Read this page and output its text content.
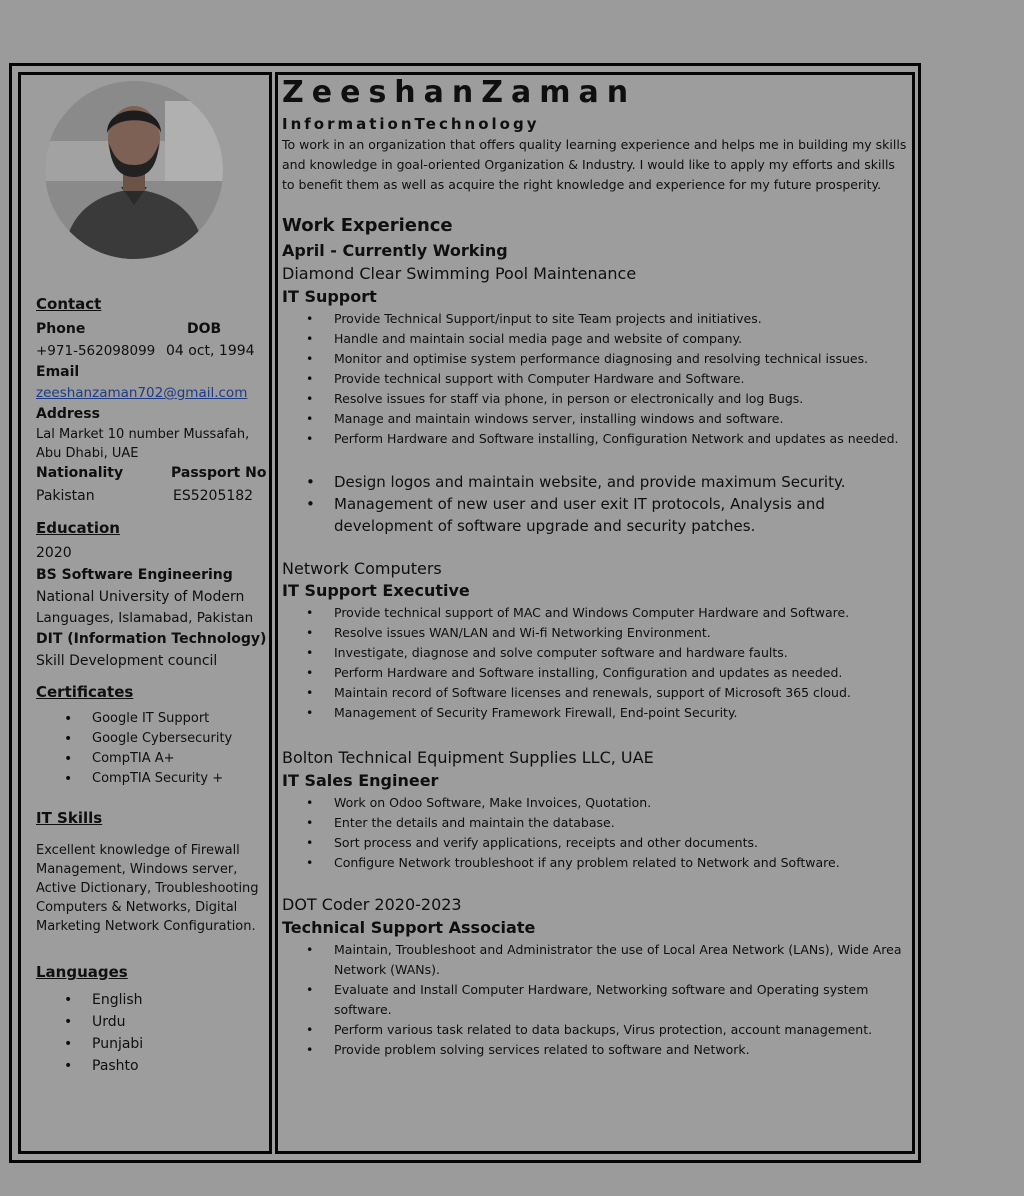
Contact
Phone	DOB
+971-562098099 04 oct, 1994
Email
zeeshanzaman702@gmail.com
Address
Lal Market 10 number Mussafah,
Abu Dhabi, UAE
Nationality	Passport No
Pakistan	ES5205182
Education
2020
BS Software Engineering
National University of Modern
Languages, Islamabad, Pakistan
DIT (Information Technology)
Skill Development council
Certificates
• Google IT Support
• Google Cybersecurity
• CompTIA A+
• CompTIA Security +
IT Skills
Excellent knowledge of Firewall
Management, Windows server,
Active Dictionary, Troubleshooting
Computers & Networks, Digital
Marketing Network Configuration.
Languages
• English
• Urdu
• Punjabi
• Pashto
ZeeshanZaman
InformationTechnology
To work in an organization that offers quality learning experience and helps me in building my skills and knowledge in goal-oriented Organization & Industry. I would like to apply my efforts and skills to benefit them as well as acquire the right knowledge and experience for my future prosperity.
Work Experience
April - Currently Working
Diamond Clear Swimming Pool Maintenance
IT Support
• Provide Technical Support/input to site Team projects and initiatives.
• Handle and maintain social media page and website of company.
• Monitor and optimise system performance diagnosing and resolving technical issues.
• Provide technical support with Computer Hardware and Software.
• Resolve issues for staff via phone, in person or electronically and log Bugs.
• Manage and maintain windows server, installing windows and software.
• Perform Hardware and Software installing, Configuration Network and updates as needed.
• Design logos and maintain website, and provide maximum Security.
• Management of new user and user exit IT protocols, Analysis and development of software upgrade and security patches.
Network Computers
IT Support Executive
• Provide technical support of MAC and Windows Computer Hardware and Software.
• Resolve issues WAN/LAN and Wi-fi Networking Environment.
• Investigate, diagnose and solve computer software and hardware faults.
• Perform Hardware and Software installing, Configuration and updates as needed.
• Maintain record of Software licenses and renewals, support of Microsoft 365 cloud.
• Management of Security Framework Firewall, End-point Security.
Bolton Technical Equipment Supplies LLC, UAE
IT Sales Engineer
• Work on Odoo Software, Make Invoices, Quotation.
• Enter the details and maintain the database.
• Sort process and verify applications, receipts and other documents.
• Configure Network troubleshoot if any problem related to Network and Software.
DOT Coder 2020-2023
Technical Support Associate
• Maintain, Troubleshoot and Administrator the use of Local Area Network (LANs), Wide Area Network (WANs).
• Evaluate and Install Computer Hardware, Networking software and Operating system software.
• Perform various task related to data backups, Virus protection, account management.
• Provide problem solving services related to software and Network.
